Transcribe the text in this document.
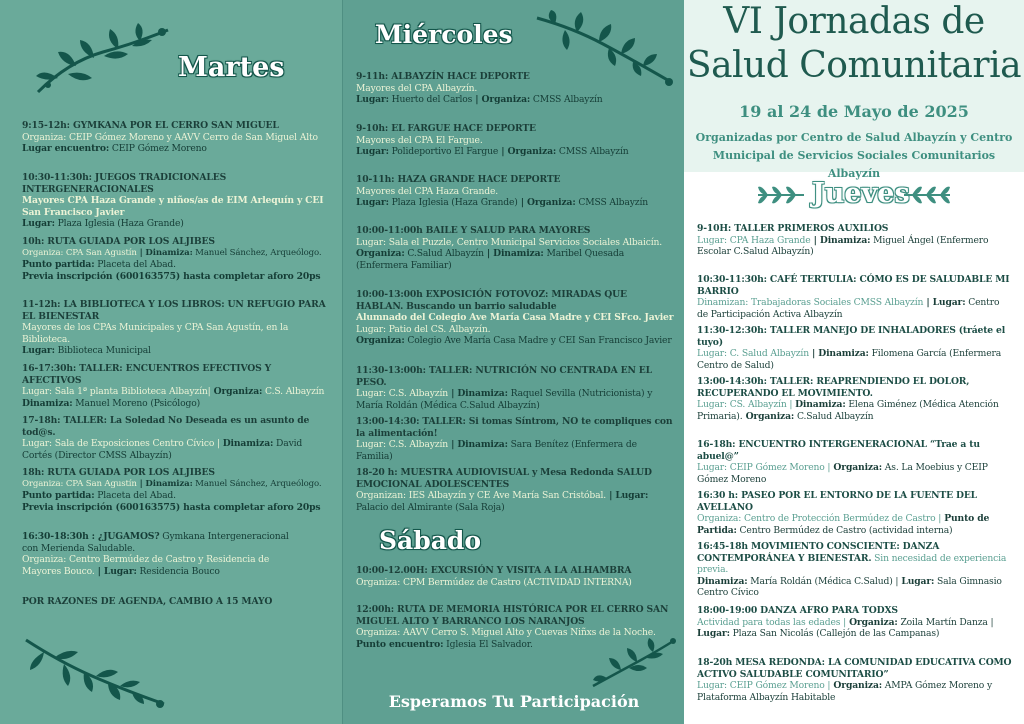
Martes
9:15-12h: GYMKANA POR EL CERRO SAN MIGUEL
Organiza: CEIP Gómez Moreno y AAVV Cerro de San Miguel Alto
Lugar encuentro: CEIP Gómez Moreno
10:30-11:30h: JUEGOS TRADICIONALES INTERGENERACIONALES
Mayores CPA Haza Grande y niños/as de EIM Arlequín y CEI San Francisco Javier
Lugar: Plaza Iglesia (Haza Grande)
10h: RUTA GUIADA POR LOS ALJIBES
Organiza: CPA San Agustín | Dinamiza: Manuel Sánchez, Arqueólogo.
Punto partida: Placeta del Abad.
Previa inscripción (600163575) hasta completar aforo 20ps
11-12h: LA BIBLIOTECA Y LOS LIBROS: UN REFUGIO PARA EL BIENESTAR
Mayores de los CPAs Municipales y CPA San Agustín, en la Biblioteca.
Lugar: Biblioteca Municipal
16-17:30h: TALLER: ENCUENTROS EFECTIVOS Y AFECTIVOS
Lugar: Sala 1ª planta Biblioteca Albayzín| Organiza: C.S. Albayzín
Dinamiza: Manuel Moreno (Psicólogo)
17-18h: TALLER: La Soledad No Deseada es un asunto de tod@s.
Lugar: Sala de Exposiciones Centro Cívico | Dinamiza: David Cortés (Director CMSS Albayzín)
18h: RUTA GUIADA POR LOS ALJIBES
Organiza: CPA San Agustín | Dinamiza: Manuel Sánchez, Arqueólogo.
Punto partida: Placeta del Abad.
Previa inscripción (600163575) hasta completar aforo 20ps
16:30-18:30h : ¿JUGAMOS? Gymkana Intergeneracional con Merienda Saludable.
Organiza: Centro Bermúdez de Castro y Residencia de Mayores Bouco. | Lugar: Residencia Bouco
POR RAZONES DE AGENDA, CAMBIO A 15 MAYO
Miércoles
9-11h: ALBAYZÍN HACE DEPORTE
Mayores del CPA Albayzín.
Lugar: Huerto del Carlos | Organiza: CMSS Albayzín
9-10h: EL FARGUE HACE DEPORTE
Mayores del CPA El Fargue.
Lugar: Polideportivo El Fargue | Organiza: CMSS Albayzín
10-11h: HAZA GRANDE HACE DEPORTE
Mayores del CPA Haza Grande.
Lugar: Plaza Iglesia (Haza Grande) | Organiza: CMSS Albayzín
10:00-11:00h BAILE Y SALUD PARA MAYORES
Lugar: Sala el Puzzle, Centro Municipal Servicios Sociales Albaicín.
Organiza: C.Salud Albayzín | Dinamiza: Maribel Quesada (Enfermera Familiar)
10:00-13:00h EXPOSICIÓN FOTOVOZ: MIRADAS QUE HABLAN. Buscando un barrio saludable
Alumnado del Colegio Ave María Casa Madre y CEI SFco. Javier
Lugar: Patio del CS. Albayzín.
Organiza: Colegio Ave María Casa Madre y CEI San Francisco Javier
11:30-13:00h: TALLER: NUTRICIÓN NO CENTRADA EN EL PESO.
Lugar: C.S. Albayzín | Dinamiza: Raquel Sevilla (Nutricionista) y María Roldán (Médica C.Salud Albayzín)
13:00-14:30: TALLER: Si tomas Síntrom, NO te compliques con la alimentación!
Lugar: C.S. Albayzín | Dinamiza: Sara Benítez (Enfermera de Familia)
18-20 h: MUESTRA AUDIOVISUAL y Mesa Redonda SALUD EMOCIONAL ADOLESCENTES
Organizan: IES Albayzín y CE Ave María San Cristóbal. | Lugar: Palacio del Almirante (Sala Roja)
Sábado
10:00-12.00H: EXCURSIÓN Y VISITA A LA ALHAMBRA
Organiza: CPM Bermúdez de Castro (ACTIVIDAD INTERNA)
12:00h: RUTA DE MEMORIA HISTÓRICA POR EL CERRO SAN MIGUEL ALTO Y BARRANCO LOS NARANJOS
Organiza: AAVV Cerro S. Miguel Alto y Cuevas Niñxs de la Noche.
Punto encuentro: Iglesia El Salvador.
Esperamos Tu Participación
VI Jornadas de
Salud Comunitaria
19 al 24 de Mayo de 2025
Organizadas por Centro de Salud Albayzín y Centro
Municipal de Servicios Sociales Comunitarios Albayzín
Jueves
9-10H: TALLER PRIMEROS AUXILIOS
Lugar: CPA Haza Grande | Dinamiza: Miguel Ángel (Enfermero Escolar C.Salud Albayzín)
10:30-11:30h: CAFÉ TERTULIA: CÓMO ES DE SALUDABLE MI BARRIO
Dinamizan: Trabajadoras Sociales CMSS Albayzín | Lugar: Centro de Participación Activa Albayzín
11:30-12:30h: TALLER MANEJO DE INHALADORES (tráete el tuyo)
Lugar: C. Salud Albayzín | Dinamiza: Filomena García (Enfermera Centro de Salud)
13:00-14:30h: TALLER: REAPRENDIENDO EL DOLOR, RECUPERANDO EL MOVIMIENTO.
Lugar: CS. Albayzín | Dinamiza: Elena Giménez (Médica Atención Primaria). Organiza: C.Salud Albayzín
16-18h: ENCUENTRO INTERGENERACIONAL “Trae a tu abuel@”
Lugar: CEIP Gómez Moreno | Organiza: As. La Moebius y CEIP Gómez Moreno
16:30 h: PASEO POR EL ENTORNO DE LA FUENTE DEL AVELLANO
Organiza: Centro de Protección Bermúdez de Castro | Punto de Partida: Centro Bermúdez de Castro (actividad interna)
16:45-18h MOVIMIENTO CONSCIENTE: DANZA CONTEMPORÁNEA Y BIENESTAR. Sin necesidad de experiencia previa.
Dinamiza: María Roldán (Médica C.Salud) | Lugar: Sala Gimnasio Centro Cívico
18:00-19:00 DANZA AFRO PARA TODXS
Actividad para todas las edades | Organiza: Zoila Martín Danza | Lugar: Plaza San Nicolás (Callejón de las Campanas)
18-20h MESA REDONDA: LA COMUNIDAD EDUCATIVA COMO ACTIVO SALUDABLE COMUNITARIO”
Lugar: CEIP Gómez Moreno | Organiza: AMPA Gómez Moreno y Plataforma Albayzín Habitable
